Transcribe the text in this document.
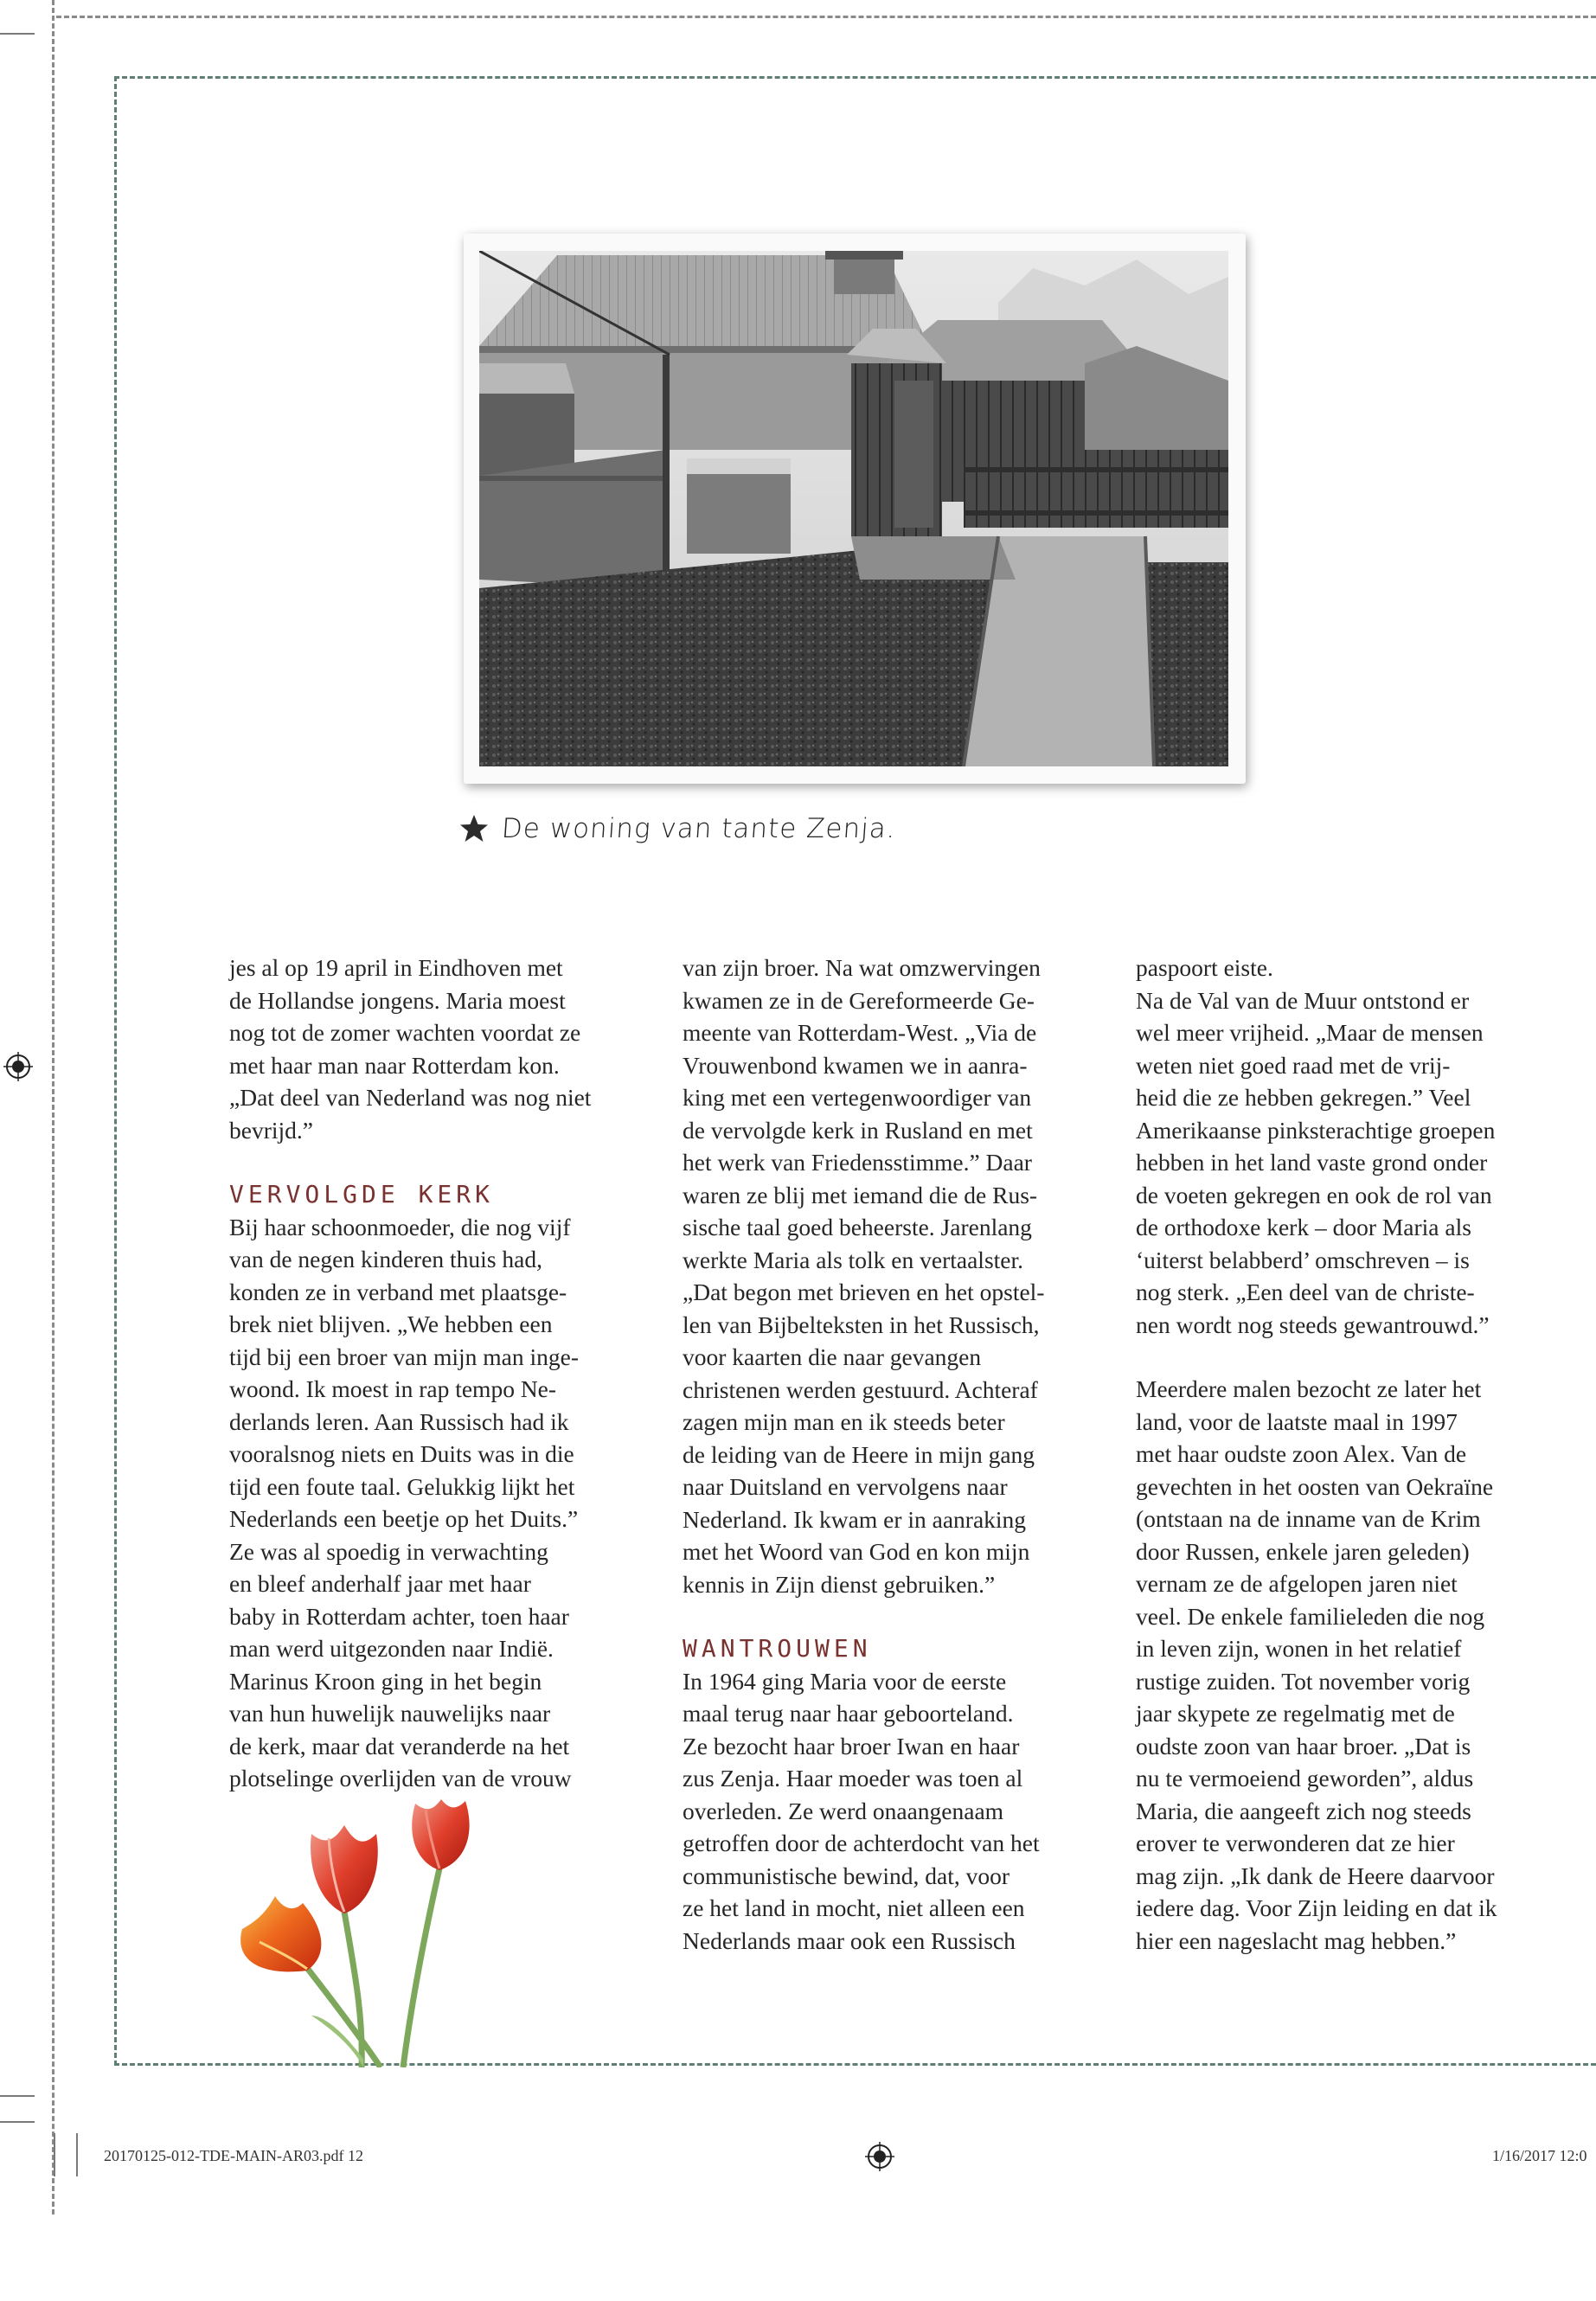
De woning van tante Zenja.

jes al op 19 april in Eindhoven met
de Hollandse jongens. Maria moest
nog tot de zomer wachten voordat ze
met haar man naar Rotterdam kon.
„Dat deel van Nederland was nog niet
bevrijd.”

VERVOLGDE KERK

Bij haar schoonmoeder, die nog vijf
van de negen kinderen thuis had,
konden ze in verband met plaatsge-
brek niet blijven. „We hebben een
tijd bij een broer van mijn man inge-
woond. Ik moest in rap tempo Ne-
derlands leren. Aan Russisch had ik
vooralsnog niets en Duits was in die
tijd een foute taal. Gelukkig lijkt het
Nederlands een beetje op het Duits.”
Ze was al spoedig in verwachting
en bleef anderhalf jaar met haar
baby in Rotterdam achter, toen haar
man werd uitgezonden naar Indië.
Marinus Kroon ging in het begin
van hun huwelijk nauwelijks naar
de kerk, maar dat veranderde na het
plotselinge overlijden van de vrouw

van zijn broer. Na wat omzwervingen
kwamen ze in de Gereformeerde Ge-
meente van Rotterdam-West. „Via de
Vrouwenbond kwamen we in aanra-
king met een vertegenwoordiger van
de vervolgde kerk in Rusland en met
het werk van Friedensstimme.” Daar
waren ze blij met iemand die de Rus-
sische taal goed beheerste. Jarenlang
werkte Maria als tolk en vertaalster.
„Dat begon met brieven en het opstel-
len van Bijbelteksten in het Russisch,
voor kaarten die naar gevangen
christenen werden gestuurd. Achteraf
zagen mijn man en ik steeds beter
de leiding van de Heere in mijn gang
naar Duitsland en vervolgens naar
Nederland. Ik kwam er in aanraking
met het Woord van God en kon mijn
kennis in Zijn dienst gebruiken.”

WANTROUWEN

In 1964 ging Maria voor de eerste
maal terug naar haar geboorteland.
Ze bezocht haar broer Iwan en haar
zus Zenja. Haar moeder was toen al
overleden. Ze werd onaangenaam
getroffen door de achterdocht van het
communistische bewind, dat, voor
ze het land in mocht, niet alleen een
Nederlands maar ook een Russisch

paspoort eiste.
Na de Val van de Muur ontstond er
wel meer vrijheid. „Maar de mensen
weten niet goed raad met de vrij-
heid die ze hebben gekregen.” Veel
Amerikaanse pinksterachtige groepen
hebben in het land vaste grond onder
de voeten gekregen en ook de rol van
de orthodoxe kerk – door Maria als
‘uiterst belabberd’ omschreven – is
nog sterk. „Een deel van de christe-
nen wordt nog steeds gewantrouwd.”

Meerdere malen bezocht ze later het
land, voor de laatste maal in 1997
met haar oudste zoon Alex. Van de
gevechten in het oosten van Oekraïne
(ontstaan na de inname van de Krim
door Russen, enkele jaren geleden)
vernam ze de afgelopen jaren niet
veel. De enkele familieleden die nog
in leven zijn, wonen in het relatief
rustige zuiden. Tot november vorig
jaar skypete ze regelmatig met de
oudste zoon van haar broer. „Dat is
nu te vermoeiend geworden”, aldus
Maria, die aangeeft zich nog steeds
erover te verwonderen dat ze hier
mag zijn. „Ik dank de Heere daarvoor
iedere dag. Voor Zijn leiding en dat ik
hier een nageslacht mag hebben.”

20170125-012-TDE-MAIN-AR03.pdf 12	1/16/2017 12:0
